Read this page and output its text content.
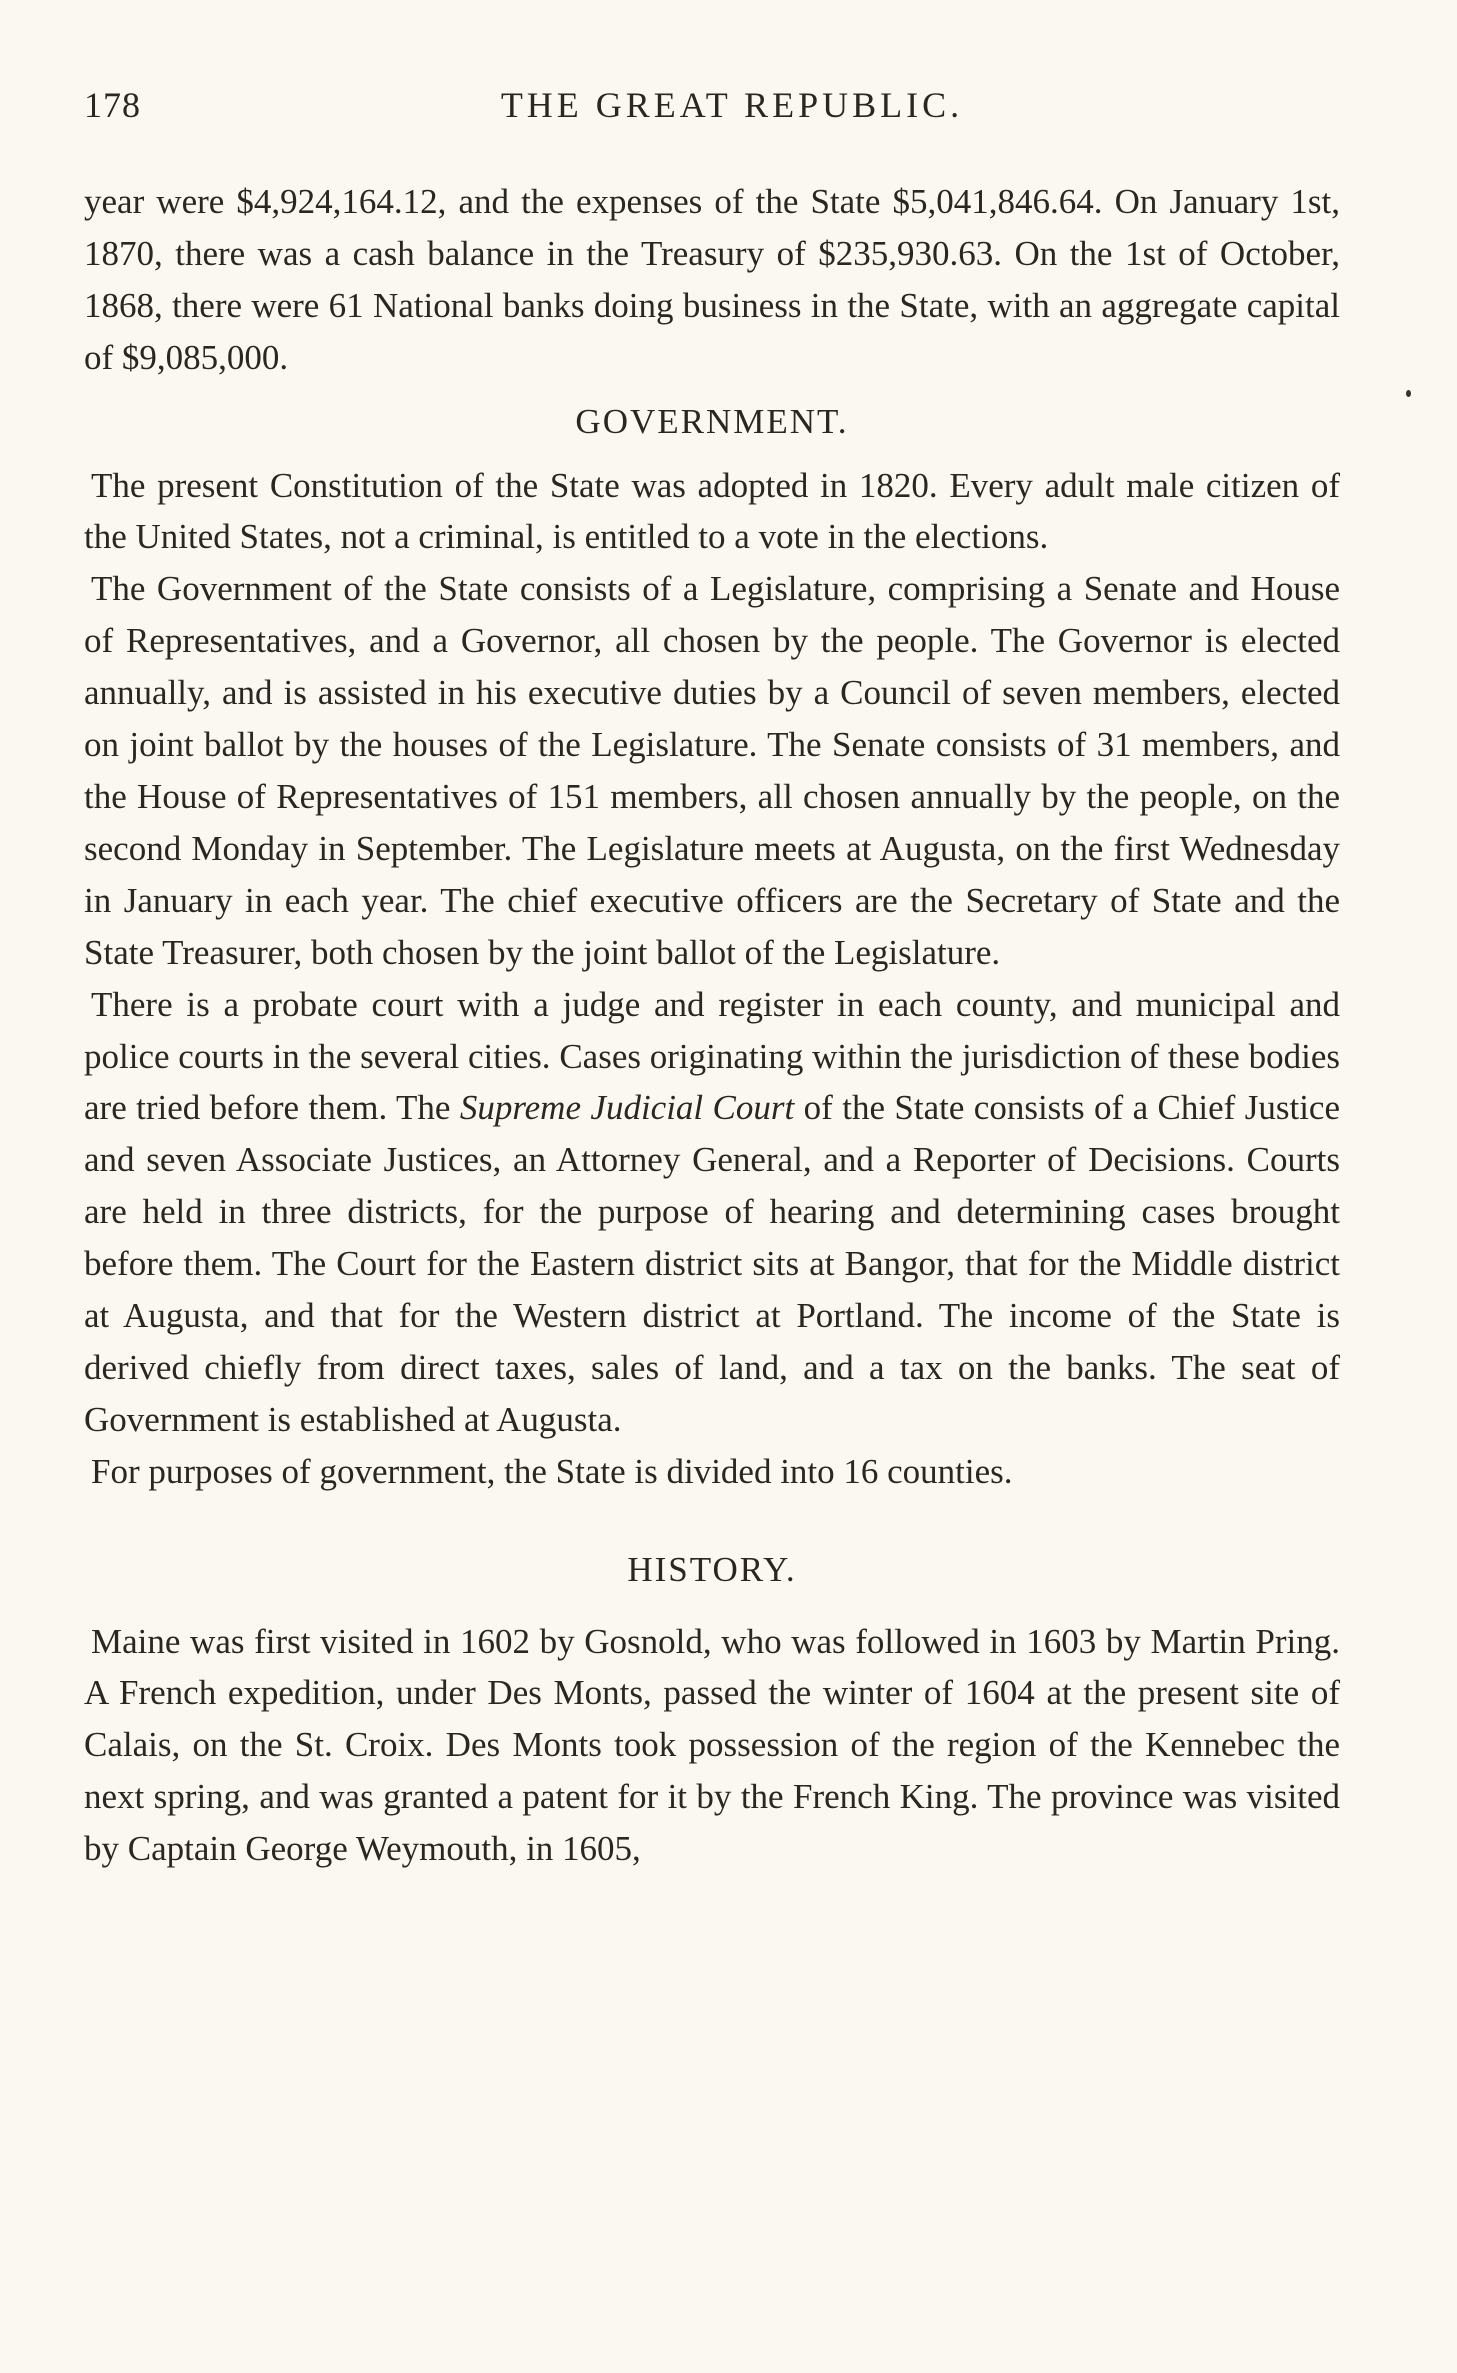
178	THE GREAT REPUBLIC.

year were $4,924,164.12, and the expenses of the State $5,041,846.64. On January 1st, 1870, there was a cash balance in the Treasury of $235,930.63. On the 1st of October, 1868, there were 61 National banks doing business in the State, with an aggregate capital of $9,085,000.

GOVERNMENT.

The present Constitution of the State was adopted in 1820. Every adult male citizen of the United States, not a criminal, is entitled to a vote in the elections.

The Government of the State consists of a Legislature, comprising a Senate and House of Representatives, and a Governor, all chosen by the people. The Governor is elected annually, and is assisted in his executive duties by a Council of seven members, elected on joint ballot by the houses of the Legislature. The Senate consists of 31 members, and the House of Representatives of 151 members, all chosen annually by the people, on the second Monday in September. The Legislature meets at Augusta, on the first Wednesday in January in each year. The chief executive officers are the Secretary of State and the State Treasurer, both chosen by the joint ballot of the Legislature.

There is a probate court with a judge and register in each county, and municipal and police courts in the several cities. Cases originating within the jurisdiction of these bodies are tried before them. The Supreme Judicial Court of the State consists of a Chief Justice and seven Associate Justices, an Attorney General, and a Reporter of Decisions. Courts are held in three districts, for the purpose of hearing and determining cases brought before them. The Court for the Eastern district sits at Bangor, that for the Middle district at Augusta, and that for the Western district at Portland. The income of the State is derived chiefly from direct taxes, sales of land, and a tax on the banks. The seat of Government is established at Augusta.

For purposes of government, the State is divided into 16 counties.

HISTORY.

Maine was first visited in 1602 by Gosnold, who was followed in 1603 by Martin Pring. A French expedition, under Des Monts, passed the winter of 1604 at the present site of Calais, on the St. Croix. Des Monts took possession of the region of the Kennebec the next spring, and was granted a patent for it by the French King. The province was visited by Captain George Weymouth, in 1605,
